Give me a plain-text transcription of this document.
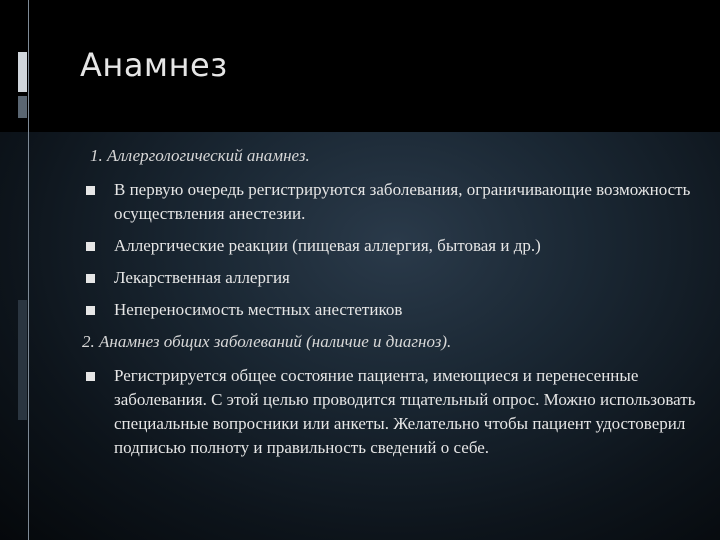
Анамнез

1. Аллергологический анамнез.

В первую очередь регистрируются заболевания, ограничивающие возможность осуществления анестезии.
Аллергические реакции (пищевая аллергия, бытовая и др.)
Лекарственная аллергия
Непереносимость местных анестетиков

2. Анамнез общих заболеваний (наличие и диагноз).

Регистрируется общее состояние пациента, имеющиеся и перенесенные заболевания. С этой целью проводится тщательный опрос. Можно использовать специальные вопросники или анкеты. Желательно чтобы пациент удостоверил подписью полноту и правильность сведений о себе.
